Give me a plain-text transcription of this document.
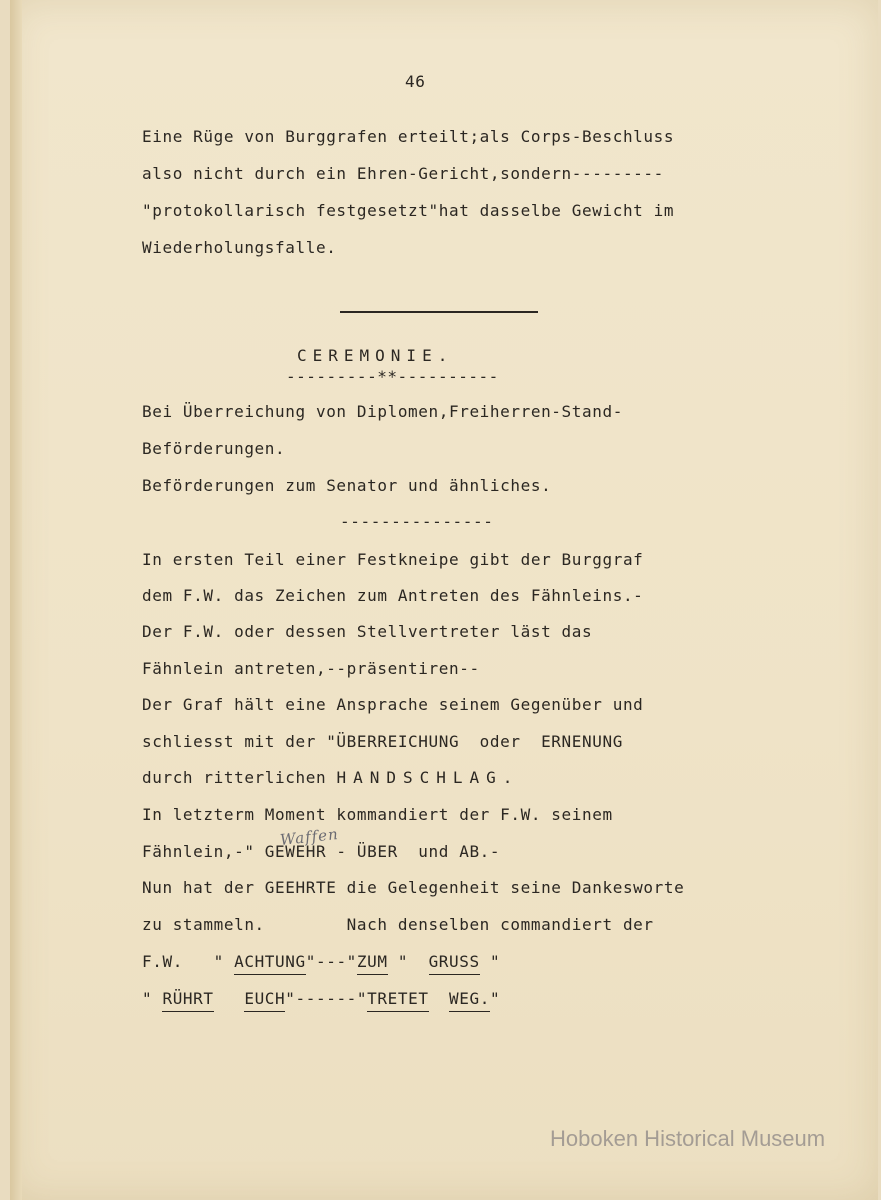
46
Eine Rüge von Burggrafen erteilt;als Corps-Beschluss
also nicht durch ein Ehren-Gericht,sondern---------
"protokollarisch festgesetzt"hat dasselbe Gewicht im
Wiederholungsfalle.
CEREMONIE.
---------**----------
Bei Überreichung von Diplomen,Freiherren-Stand-
Beförderungen.
Beförderungen zum Senator und ähnliches.
---------------
In ersten Teil einer Festkneipe gibt der Burggraf
dem F.W. das Zeichen zum Antreten des Fähnleins.-
Der F.W. oder dessen Stellvertreter läst das
Fähnlein antreten,--präsentiren--
Der Graf hält eine Ansprache seinem Gegenüber und
schliesst mit der "ÜBERREICHUNG  oder  ERNENUNG
durch ritterlichen HANDSCHLAG.
In letzterm Moment kommandiert der F.W. seinem
Waffen
Fähnlein,-" GEWEHR - ÜBER  und AB.-
Nun hat der GEEHRTE die Gelegenheit seine Dankesworte
zu stammeln.        Nach denselben commandiert der
F.W.   " ACHTUNG"---"ZUM "  GRUSS "
" RÜHRT EUCH"------"TRETET WEG."
Hoboken Historical Museum
